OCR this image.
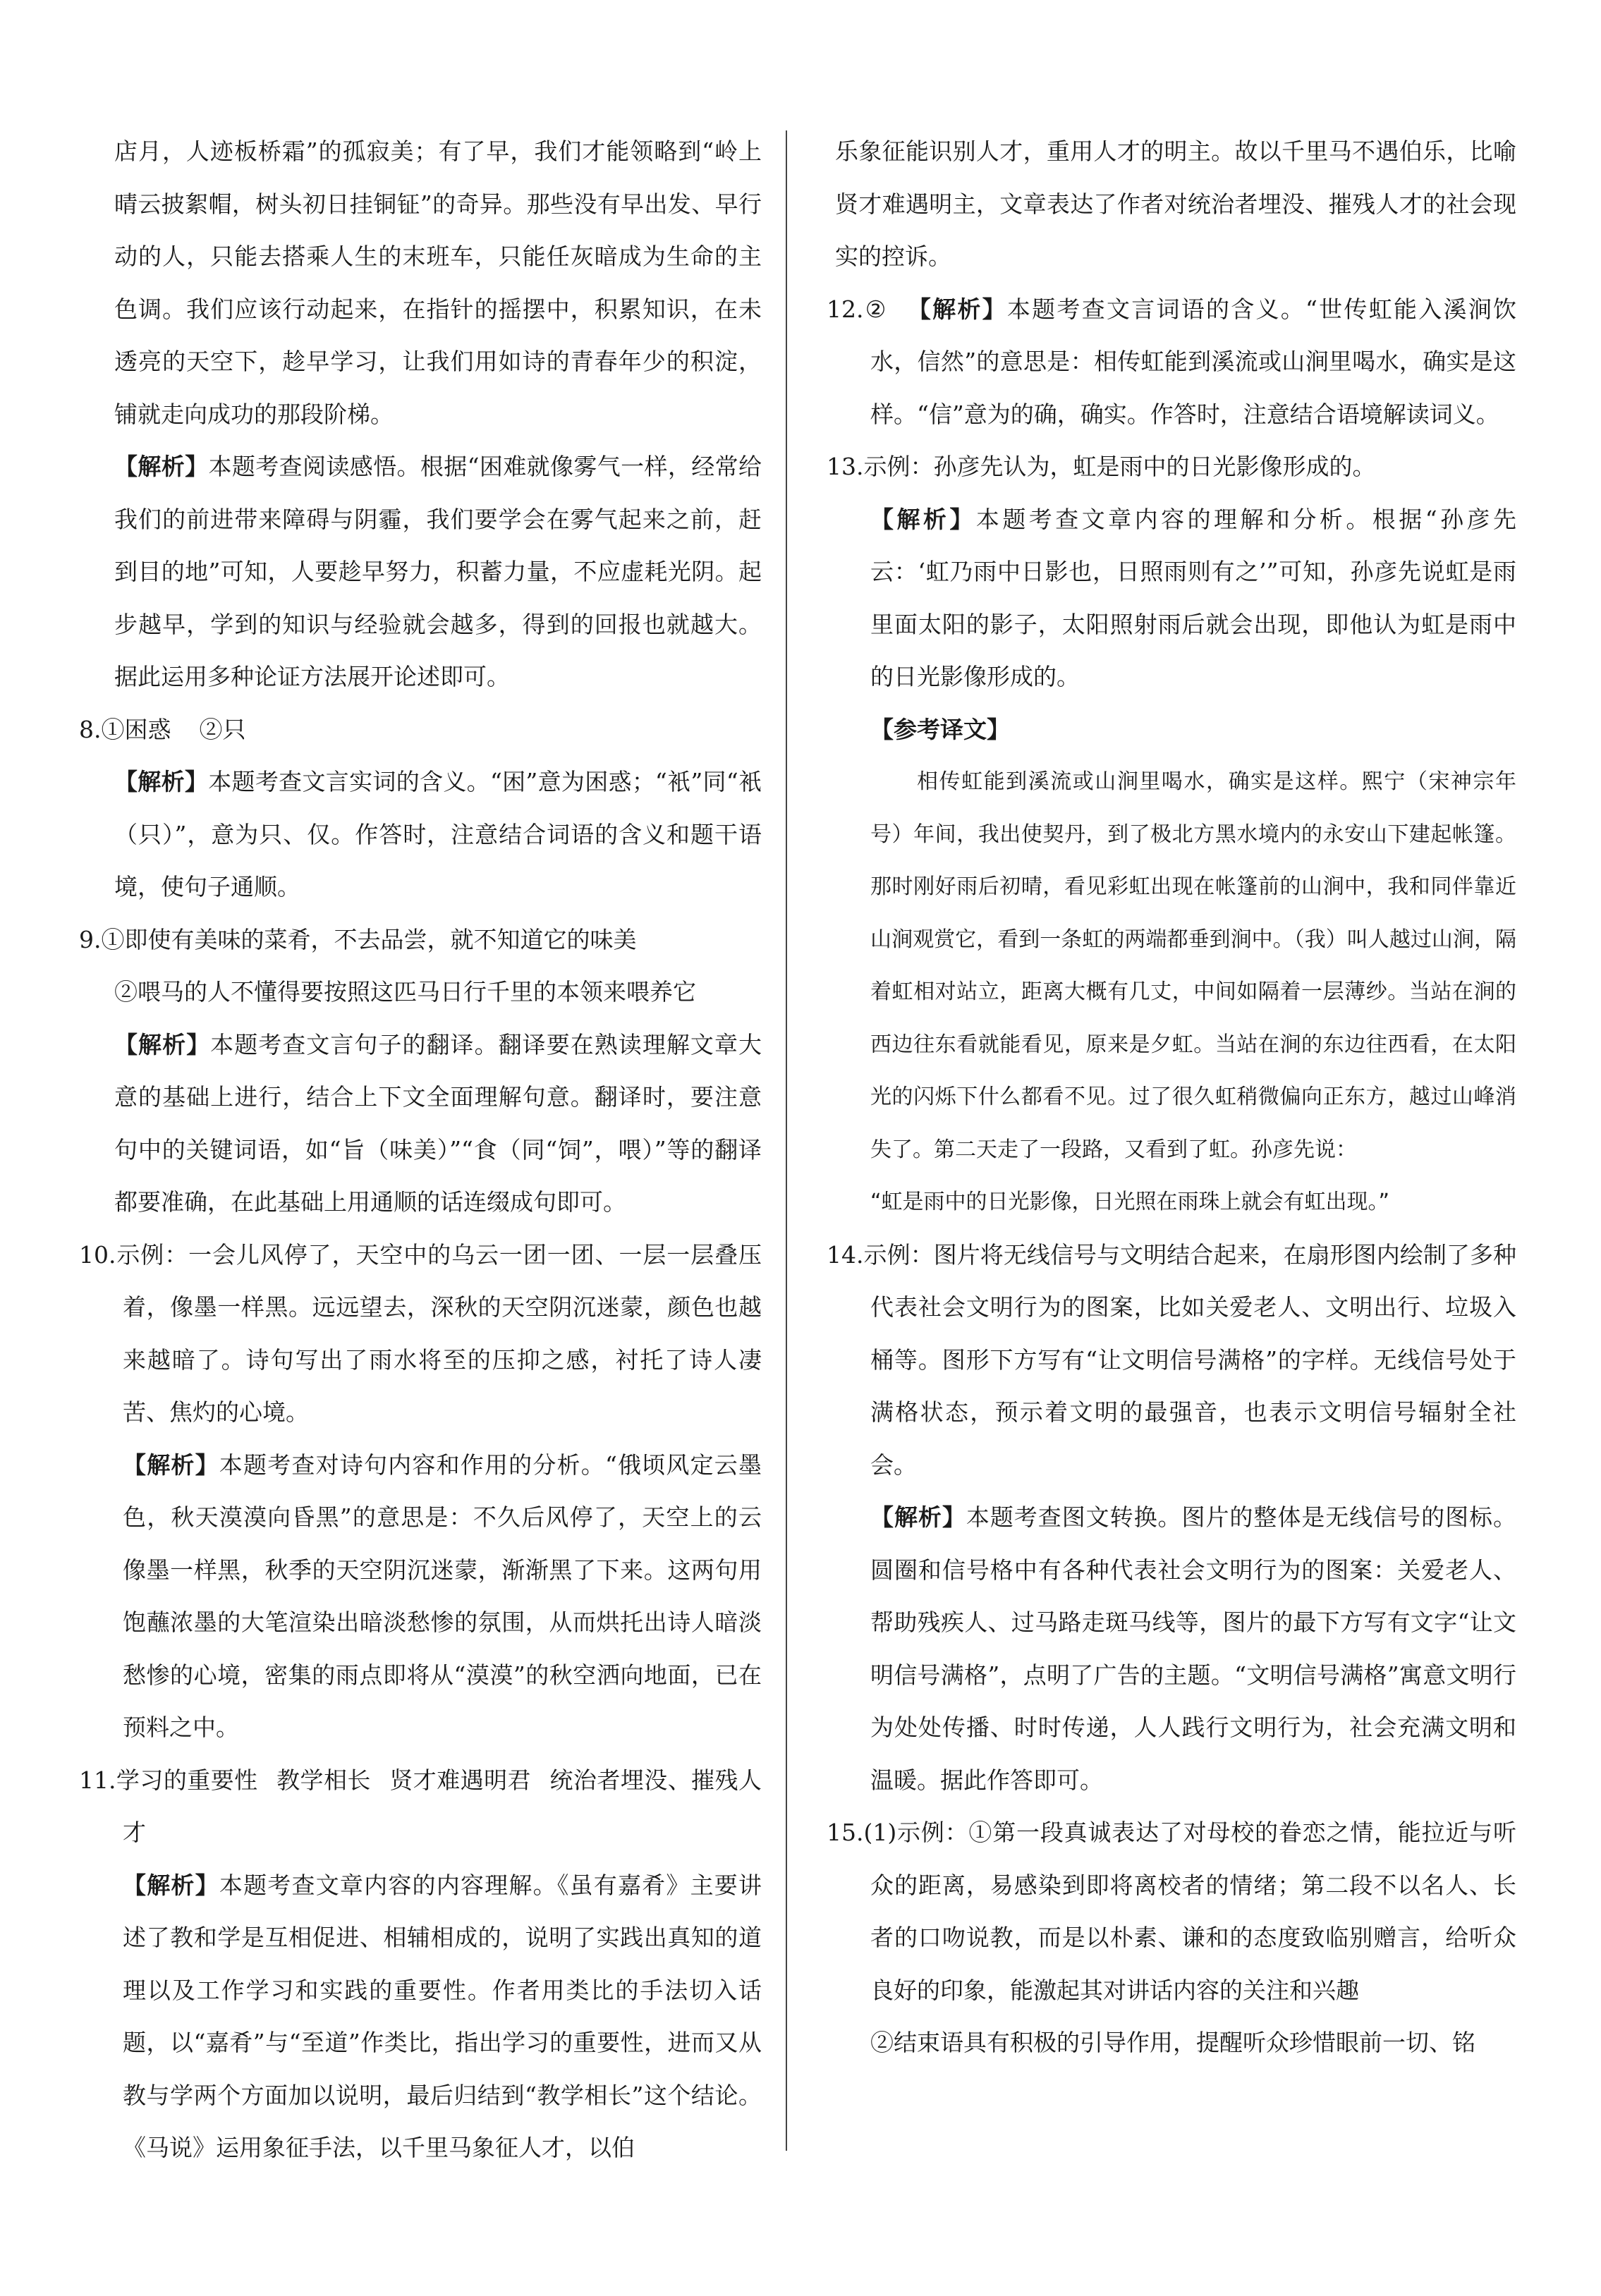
店月，人迹板桥霜”的孤寂美；有了早，我们才能领略到“岭上晴云披絮帽，树头初日挂铜钲”的奇异。那些没有早出发、早行动的人，只能去搭乘人生的末班车，只能任灰暗成为生命的主色调。我们应该行动起来，在指针的摇摆中，积累知识，在未透亮的天空下，趁早学习，让我们用如诗的青春年少的积淀，铺就走向成功的那段阶梯。

【解析】本题考查阅读感悟。根据“困难就像雾气一样，经常给我们的前进带来障碍与阴霾，我们要学会在雾气起来之前，赶到目的地”可知，人要趁早努力，积蓄力量，不应虚耗光阴。起步越早，学到的知识与经验就会越多，得到的回报也就越大。据此运用多种论证方法展开论述即可。

8.①困惑 ②只

【解析】本题考查文言实词的含义。“困”意为困惑；“衹”同“衹（只）”，意为只、仅。作答时，注意结合词语的含义和题干语境，使句子通顺。

9.①即使有美味的菜肴，不去品尝，就不知道它的味美

②喂马的人不懂得要按照这匹马日行千里的本领来喂养它

【解析】本题考查文言句子的翻译。翻译要在熟读理解文章大意的基础上进行，结合上下文全面理解句意。翻译时，要注意句中的关键词语，如“旨（味美）”“食（同“饲”，喂）”等的翻译都要准确，在此基础上用通顺的话连缀成句即可。

10.示例：一会儿风停了，天空中的乌云一团一团、一层一层叠压着，像墨一样黑。远远望去，深秋的天空阴沉迷蒙，颜色也越来越暗了。诗句写出了雨水将至的压抑之感，衬托了诗人凄苦、焦灼的心境。

【解析】本题考查对诗句内容和作用的分析。“俄顷风定云墨色，秋天漠漠向昏黑”的意思是：不久后风停了，天空上的云像墨一样黑，秋季的天空阴沉迷蒙，渐渐黑了下来。这两句用饱蘸浓墨的大笔渲染出暗淡愁惨的氛围，从而烘托出诗人暗淡愁惨的心境，密集的雨点即将从“漠漠”的秋空洒向地面，已在预料之中。

11.学习的重要性 教学相长 贤才难遇明君 统治者埋没、摧残人才

【解析】本题考查文章内容的内容理解。《虽有嘉肴》主要讲述了教和学是互相促进、相辅相成的，说明了实践出真知的道理以及工作学习和实践的重要性。作者用类比的手法切入话题，以“嘉肴”与“至道”作类比，指出学习的重要性，进而又从教与学两个方面加以说明，最后归结到“教学相长”这个结论。《马说》运用象征手法，以千里马象征人才，以伯

乐象征能识别人才，重用人才的明主。故以千里马不遇伯乐，比喻贤才难遇明主，文章表达了作者对统治者埋没、摧残人才的社会现实的控诉。

12.② 【解析】本题考查文言词语的含义。“世传虹能入溪涧饮水，信然”的意思是：相传虹能到溪流或山涧里喝水，确实是这样。“信”意为的确，确实。作答时，注意结合语境解读词义。

13.示例：孙彦先认为，虹是雨中的日光影像形成的。

【解析】本题考查文章内容的理解和分析。根据“孙彦先云：‘虹乃雨中日影也，日照雨则有之’”可知，孙彦先说虹是雨里面太阳的影子，太阳照射雨后就会出现，即他认为虹是雨中的日光影像形成的。

【参考译文】

相传虹能到溪流或山涧里喝水，确实是这样。熙宁（宋神宗年号）年间，我出使契丹，到了极北方黑水境内的永安山下建起帐篷。那时刚好雨后初晴，看见彩虹出现在帐篷前的山涧中，我和同伴靠近山涧观赏它，看到一条虹的两端都垂到涧中。（我）叫人越过山涧，隔着虹相对站立，距离大概有几丈，中间如隔着一层薄纱。当站在涧的西边往东看就能看见，原来是夕虹。当站在涧的东边往西看，在太阳光的闪烁下什么都看不见。过了很久虹稍微偏向正东方，越过山峰消失了。第二天走了一段路，又看到了虹。孙彦先说：

“虹是雨中的日光影像，日光照在雨珠上就会有虹出现。”

14.示例：图片将无线信号与文明结合起来，在扇形图内绘制了多种代表社会文明行为的图案，比如关爱老人、文明出行、垃圾入桶等。图形下方写有“让文明信号满格”的字样。无线信号处于满格状态，预示着文明的最强音，也表示文明信号辐射全社会。

【解析】本题考查图文转换。图片的整体是无线信号的图标。圆圈和信号格中有各种代表社会文明行为的图案：关爱老人、帮助残疾人、过马路走斑马线等，图片的最下方写有文字“让文明信号满格”，点明了广告的主题。“文明信号满格”寓意文明行为处处传播、时时传递，人人践行文明行为，社会充满文明和温暖。据此作答即可。

15.(1)示例：①第一段真诚表达了对母校的眷恋之情，能拉近与听众的距离，易感染到即将离校者的情绪；第二段不以名人、长者的口吻说教，而是以朴素、谦和的态度致临别赠言，给听众良好的印象，能激起其对讲话内容的关注和兴趣

②结束语具有积极的引导作用，提醒听众珍惜眼前一切、铭
